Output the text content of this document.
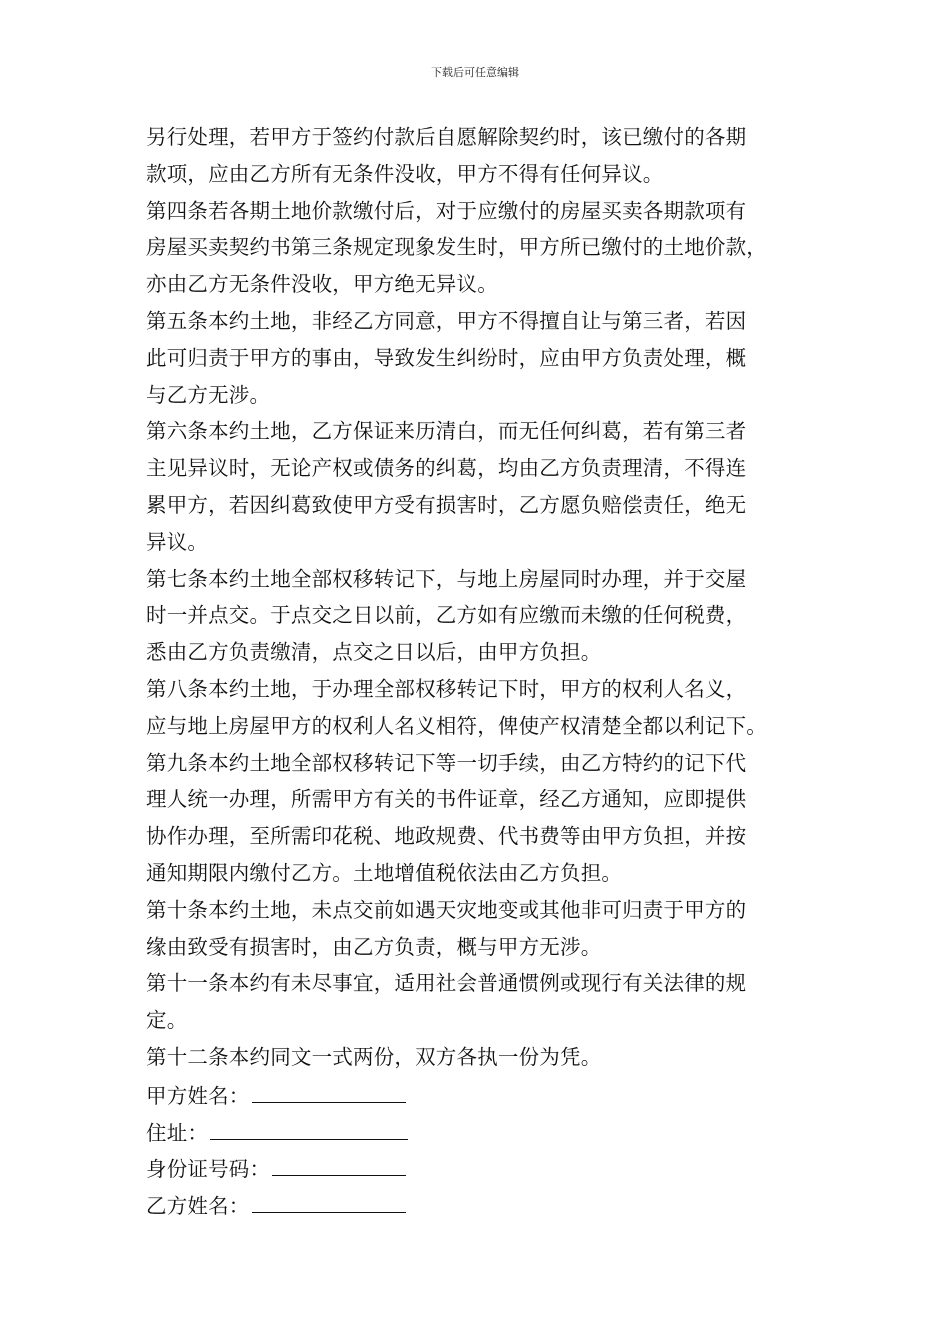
下载后可任意编辑
另行处理，若甲方于签约付款后自愿解除契约时，该已缴付的各期
款项，应由乙方所有无条件没收，甲方不得有任何异议。
第四条若各期土地价款缴付后，对于应缴付的房屋买卖各期款项有
房屋买卖契约书第三条规定现象发生时，甲方所已缴付的土地价款，
亦由乙方无条件没收，甲方绝无异议。
第五条本约土地，非经乙方同意，甲方不得擅自让与第三者，若因
此可归责于甲方的事由，导致发生纠纷时，应由甲方负责处理，概
与乙方无涉。
第六条本约土地，乙方保证来历清白，而无任何纠葛，若有第三者
主见异议时，无论产权或债务的纠葛，均由乙方负责理清，不得连
累甲方，若因纠葛致使甲方受有损害时，乙方愿负赔偿责任，绝无
异议。
第七条本约土地全部权移转记下，与地上房屋同时办理，并于交屋
时一并点交。于点交之日以前，乙方如有应缴而未缴的任何税费，
悉由乙方负责缴清，点交之日以后，由甲方负担。
第八条本约土地，于办理全部权移转记下时，甲方的权利人名义，
应与地上房屋甲方的权利人名义相符，俾使产权清楚全都以利记下。
第九条本约土地全部权移转记下等一切手续，由乙方特约的记下代
理人统一办理，所需甲方有关的书件证章，经乙方通知，应即提供
协作办理，至所需印花税、地政规费、代书费等由甲方负担，并按
通知期限内缴付乙方。土地增值税依法由乙方负担。
第十条本约土地，未点交前如遇天灾地变或其他非可归责于甲方的
缘由致受有损害时，由乙方负责，概与甲方无涉。
第十一条本约有未尽事宜，适用社会普通惯例或现行有关法律的规
定。
第十二条本约同文一式两份，双方各执一份为凭。
甲方姓名：
住址：
身份证号码：
乙方姓名：
